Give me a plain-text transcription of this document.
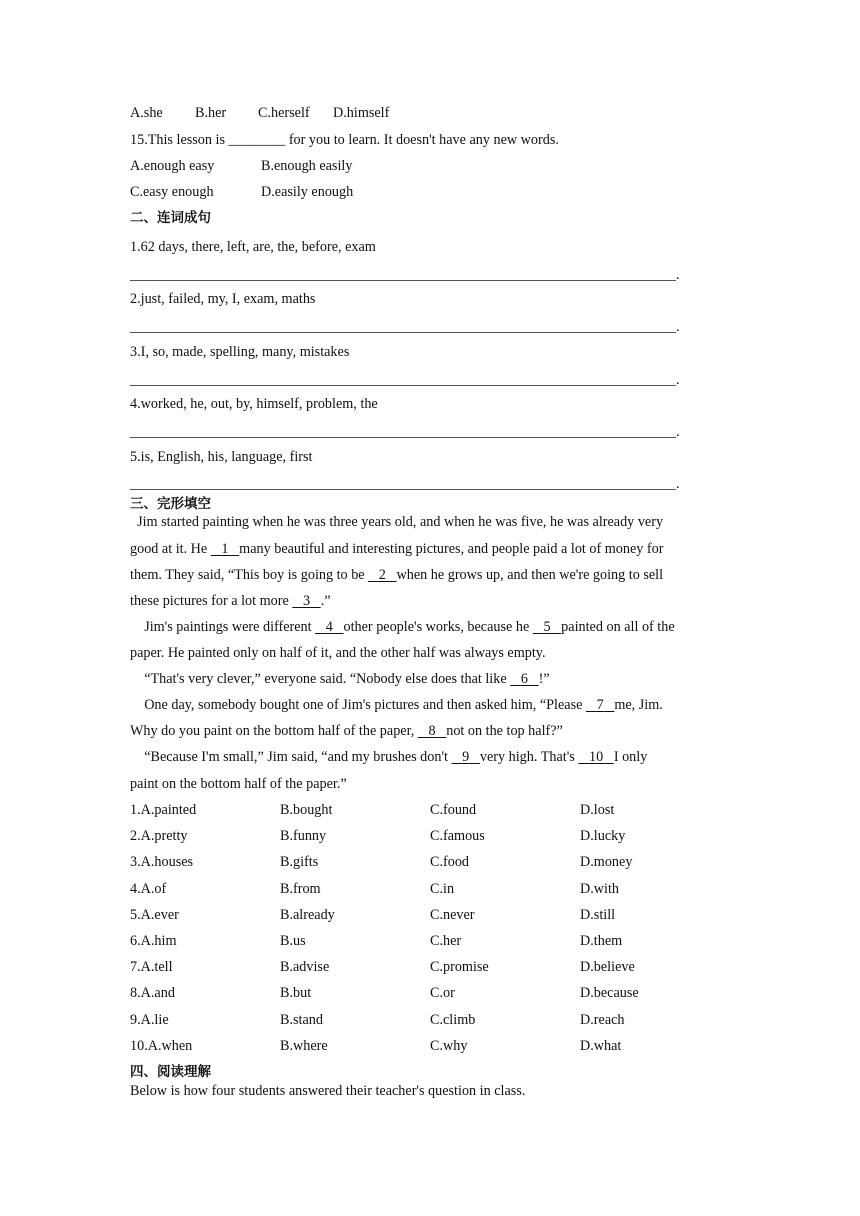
A.she B.her C.herself D.himself
15.This lesson is ________ for you to learn. It doesn't have any new words.
A.enough easy	B.enough easily
C.easy enough	D.easily enough
二、连词成句
1.62 days, there, left, are, the, before, exam
.
2.just, failed, my, I, exam, maths
.
3.I, so, made, spelling, many, mistakes
.
4.worked, he, out, by, himself, problem, the
.
5.is, English, his, language, first
.
三、完形填空
Jim started painting when he was three years old, and when he was five, he was already very
good at it. He    1 many beautiful and interesting pictures, and people paid a lot of money for
them. They said, “This boy is going to be    2 when he grows up, and then we're going to sell
these pictures for a lot more    3 .”
Jim's paintings were different    4 other people's works, because he    5 painted on all of the
paper. He painted only on half of it, and the other half was always empty.
“That's very clever,” everyone said. “Nobody else does that like    6 !”
One day, somebody bought one of Jim's pictures and then asked him, “Please    7 me, Jim.
Why do you paint on the bottom half of the paper,    8 not on the top half?”
“Because I'm small,” Jim said, “and my brushes don't    9 very high. That's    10 I only
paint on the bottom half of the paper.”
1.A.painted	B.bought	C.found	D.lost
2.A.pretty	B.funny	C.famous	D.lucky
3.A.houses	B.gifts	C.food	D.money
4.A.of	B.from	C.in	D.with
5.A.ever	B.already	C.never	D.still
6.A.him	B.us	C.her	D.them
7.A.tell	B.advise	C.promise	D.believe
8.A.and	B.but	C.or	D.because
9.A.lie	B.stand	C.climb	D.reach
10.A.when	B.where	C.why	D.what
四、阅读理解
Below is how four students answered their teacher's question in class.
